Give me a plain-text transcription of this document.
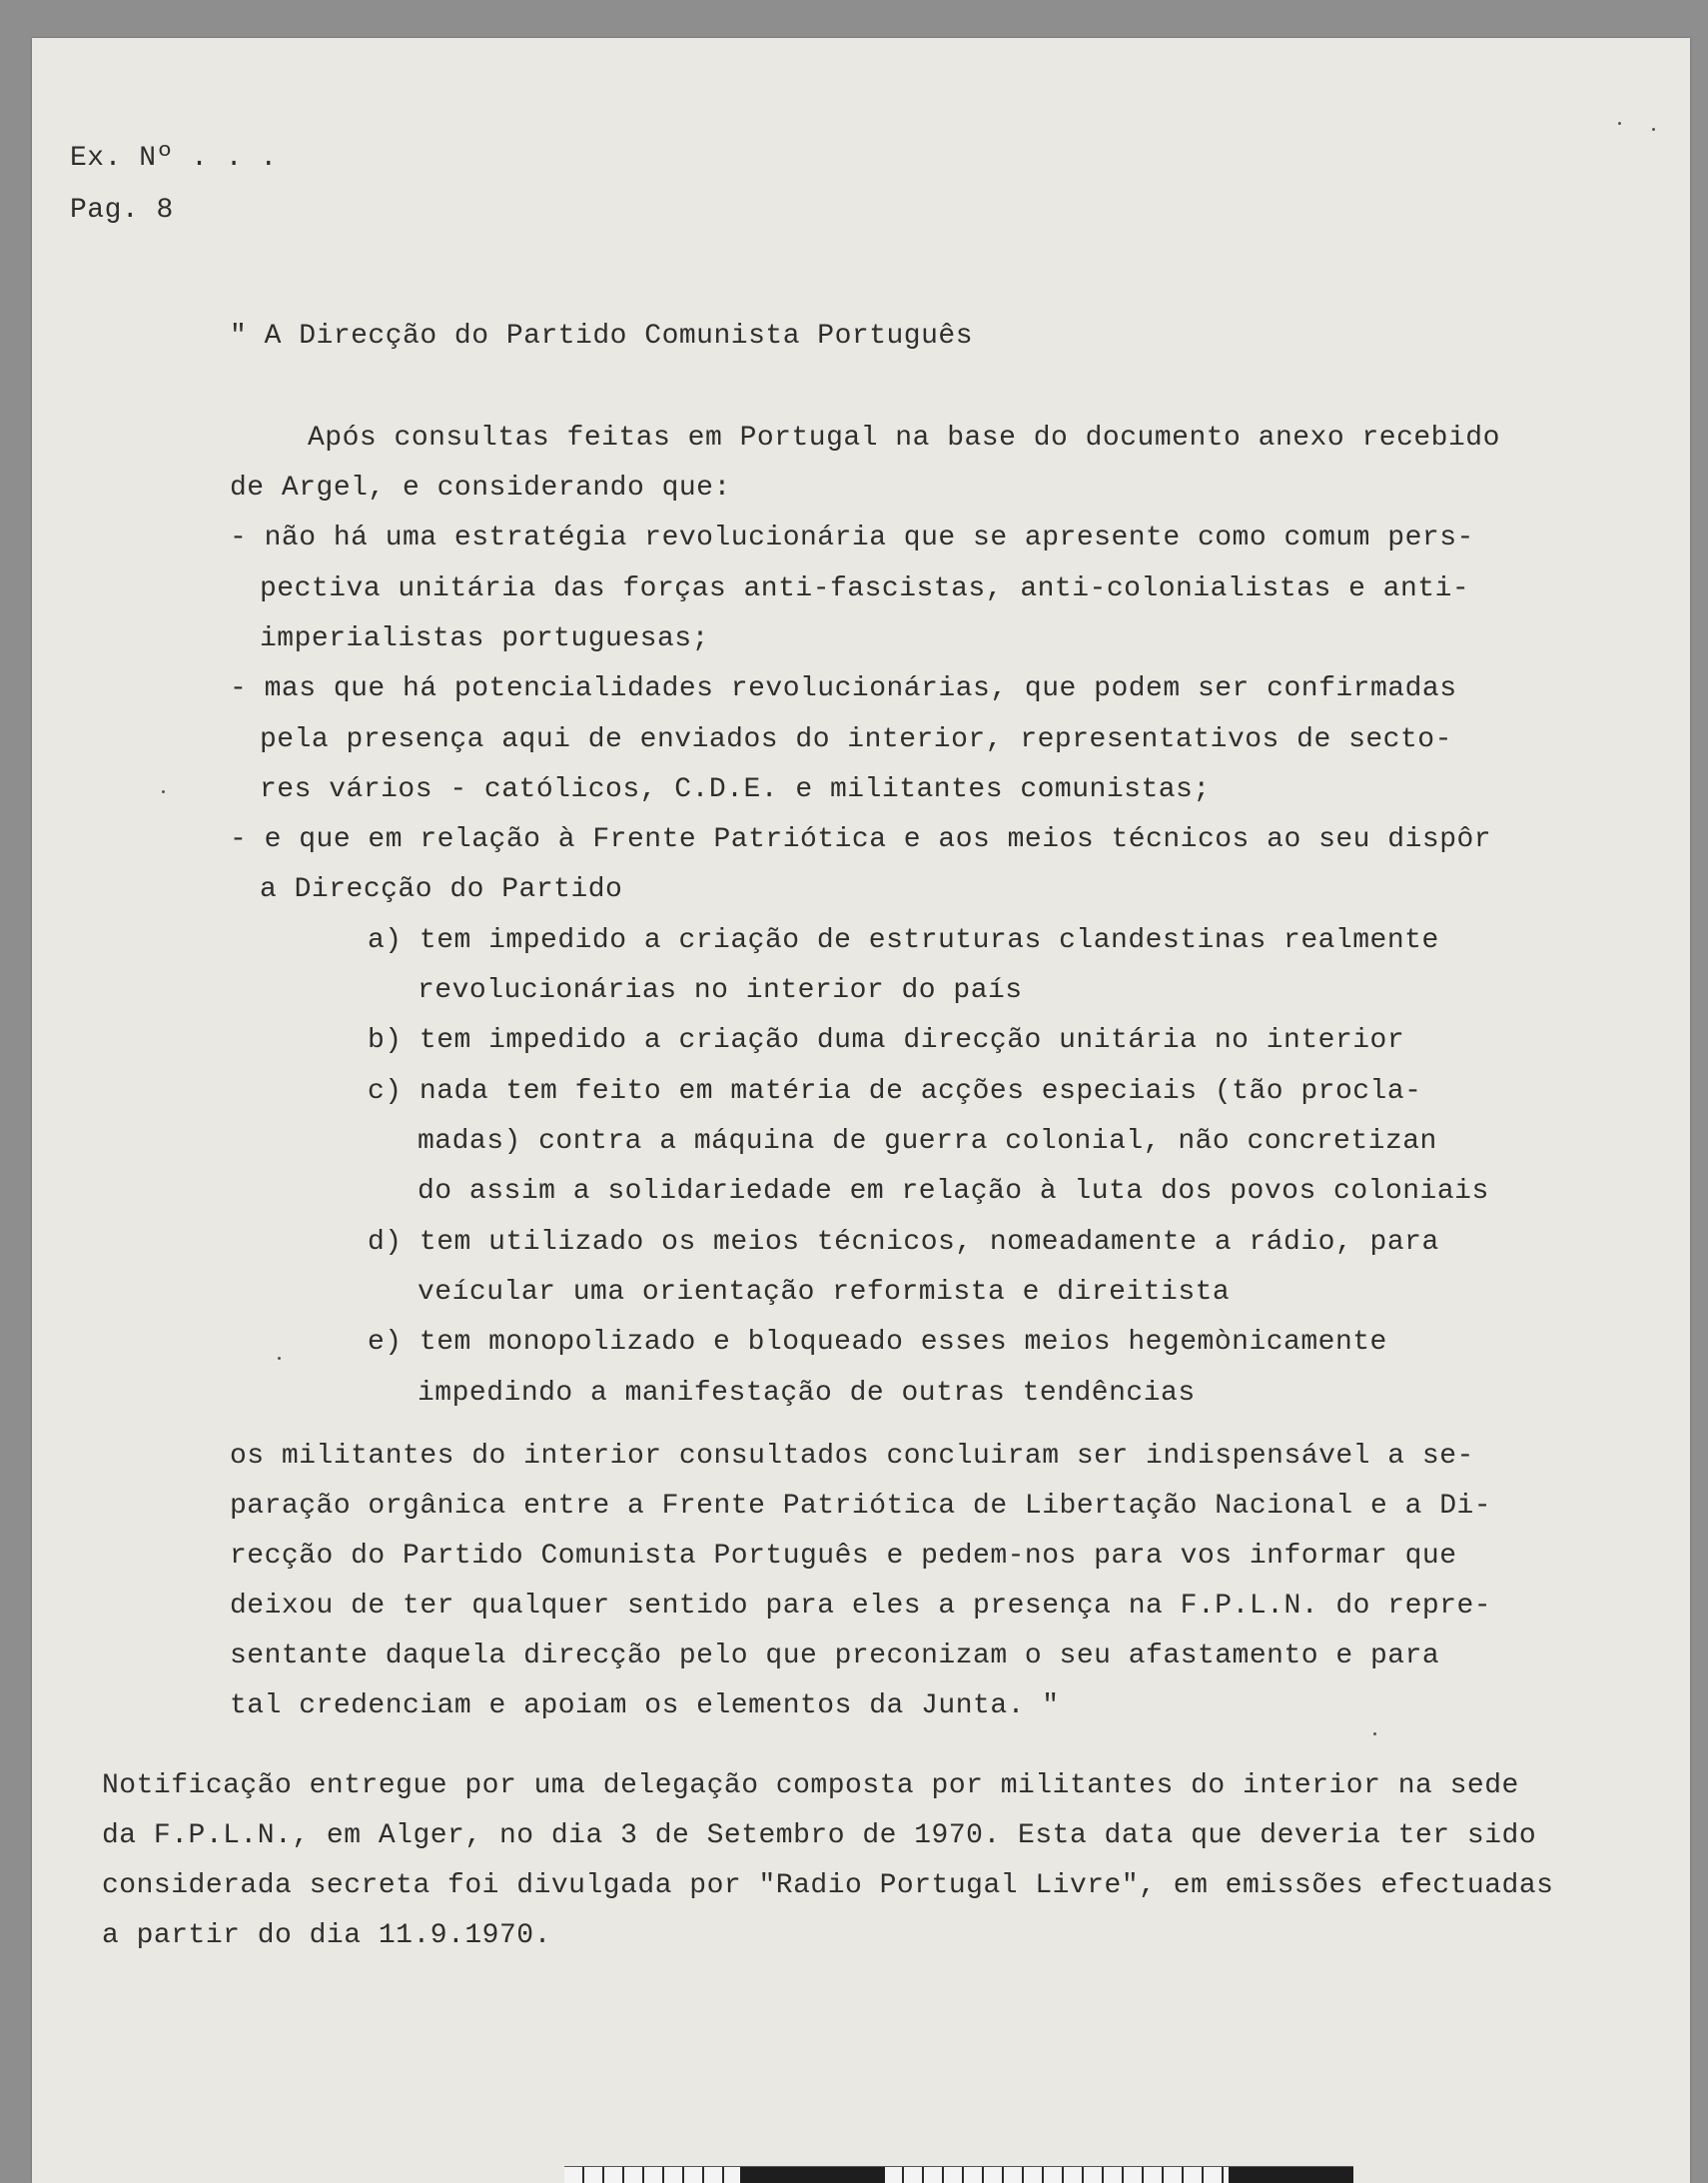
Ex. Nº . . .

Pag. 8

" A Direcção do Partido Comunista Português

Após consultas feitas em Portugal na base do documento anexo recebido

de Argel, e considerando que:

- não há uma estratégia revolucionária que se apresente como comum pers-

pectiva unitária das forças anti-fascistas, anti-colonialistas e anti-

imperialistas portuguesas;

- mas que há potencialidades revolucionárias, que podem ser confirmadas

pela presença aqui de enviados do interior, representativos de secto-

res vários - católicos, C.D.E. e militantes comunistas;

- e que em relação à Frente Patriótica e aos meios técnicos ao seu dispôr

a Direcção do Partido

a) tem impedido a criação de estruturas clandestinas realmente

revolucionárias no interior do país

b) tem impedido a criação duma direcção unitária no interior

c) nada tem feito em matéria de acções especiais (tão procla-

madas) contra a máquina de guerra colonial, não concretizan

do assim a solidariedade em relação à luta dos povos coloniais

d) tem utilizado os meios técnicos, nomeadamente a rádio, para

veícular uma orientação reformista e direitista

e) tem monopolizado e bloqueado esses meios hegemònicamente

impedindo a manifestação de outras tendências

os militantes do interior consultados concluiram ser indispensável a se-

paração orgânica entre a Frente Patriótica de Libertação Nacional e a Di-

recção do Partido Comunista Português e pedem-nos para vos informar que

deixou de ter qualquer sentido para eles a presença na F.P.L.N. do repre-

sentante daquela direcção pelo que preconizam o seu afastamento e para

tal credenciam e apoiam os elementos da Junta. "

Notificação entregue por uma delegação composta por militantes do interior na sede

da F.P.L.N., em Alger, no dia 3 de Setembro de 1970. Esta data que deveria ter sido

considerada secreta foi divulgada por "Radio Portugal Livre", em emissões efectuadas

a partir do dia 11.9.1970.
